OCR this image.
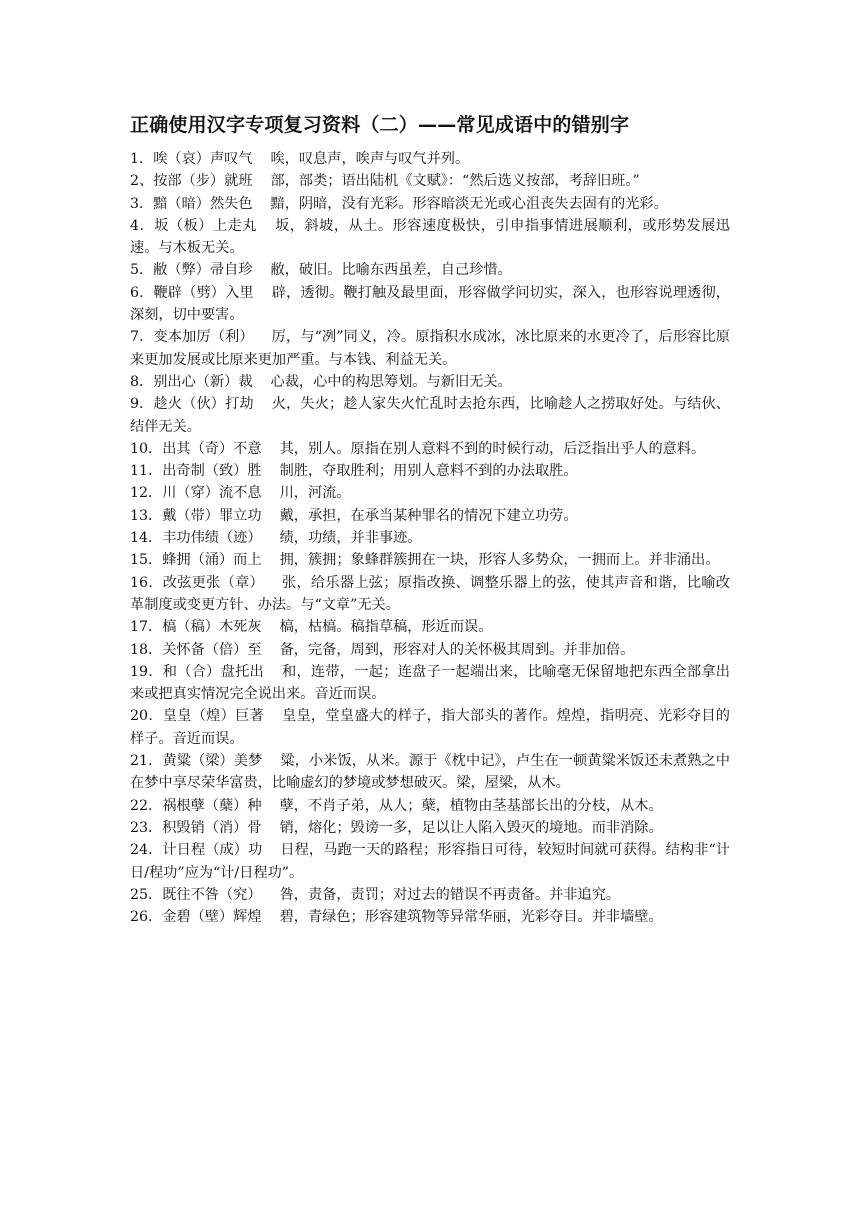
正确使用汉字专项复习资料（二）——常见成语中的错别字

1．唉（哀）声叹气 唉，叹息声，唉声与叹气并列。

2、按部（步）就班 部，部类；语出陆机《文赋》：“然后选义按部，考辞旧班。”

3．黯（暗）然失色 黯，阴暗，没有光彩。形容暗淡无光或心沮丧失去固有的光彩。

4．坂（板）上走丸 坂，斜坡，从土。形容速度极快，引申指事情进展顺利，或形势发展迅速。与木板无关。

5．敝（弊）帚自珍 敝，破旧。比喻东西虽差，自己珍惜。

6．鞭辟（劈）入里 辟，透彻。鞭打触及最里面，形容做学问切实，深入，也形容说理透彻，深刻，切中要害。

7．变本加厉（利） 厉，与“冽”同义，冷。原指积水成冰，冰比原来的水更冷了，后形容比原来更加发展或比原来更加严重。与本钱、利益无关。

8．别出心（新）裁 心裁，心中的构思筹划。与新旧无关。

9．趁火（伙）打劫 火，失火；趁人家失火忙乱时去抢东西，比喻趁人之捞取好处。与结伙、结伴无关。

10．出其（奇）不意 其，别人。原指在别人意料不到的时候行动，后泛指出乎人的意料。

11．出奇制（致）胜 制胜，夺取胜利；用别人意料不到的办法取胜。

12．川（穿）流不息 川，河流。

13．戴（带）罪立功 戴，承担，在承当某种罪名的情况下建立功劳。

14．丰功伟绩（迹） 绩，功绩，并非事迹。

15．蜂拥（涌）而上 拥，簇拥；象蜂群簇拥在一块，形容人多势众，一拥而上。并非涌出。

16．改弦更张（章） 张，给乐器上弦；原指改换、调整乐器上的弦，使其声音和谐，比喻改革制度或变更方针、办法。与“文章”无关。

17．槁（稿）木死灰 槁，枯槁。稿指草稿，形近而误。

18．关怀备（倍）至 备，完备，周到，形容对人的关怀极其周到。并非加倍。

19．和（合）盘托出 和，连带，一起；连盘子一起端出来，比喻毫无保留地把东西全部拿出来或把真实情况完全说出来。音近而误。

20．皇皇（煌）巨著 皇皇，堂皇盛大的样子，指大部头的著作。煌煌，指明亮、光彩夺目的样子。音近而误。

21．黄粱（梁）美梦 粱，小米饭，从米。源于《枕中记》，卢生在一顿黄粱米饭还未煮熟之中在梦中享尽荣华富贵，比喻虚幻的梦境或梦想破灭。梁，屋梁，从木。

22．祸根孽（蘖）种 孽，不肖子弟，从人；蘖，植物由茎基部长出的分枝，从木。

23．积毁销（消）骨 销，熔化；毁谤一多，足以让人陷入毁灭的境地。而非消除。

24．计日程（成）功 日程，马跑一天的路程；形容指日可待，较短时间就可获得。结构非“计日/程功”应为“计/日程功”。

25．既往不咎（究） 咎，责备，责罚；对过去的错误不再责备。并非追究。

26．金碧（壁）辉煌 碧，青绿色；形容建筑物等异常华丽，光彩夺目。并非墙壁。
